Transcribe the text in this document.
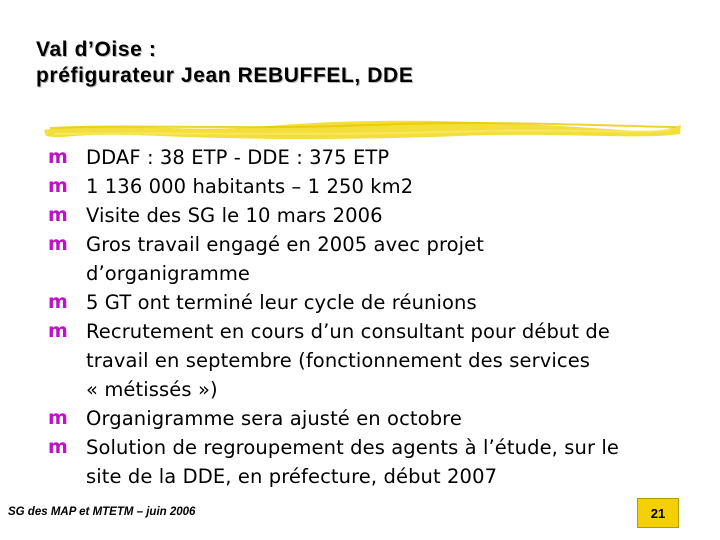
Val d’Oise :
préfigurateur Jean REBUFFEL, DDE
m DDAF : 38 ETP - DDE : 375 ETP
m 1 136 000 habitants – 1 250 km2
m Visite des SG le 10 mars 2006
m Gros travail engagé en 2005 avec projet
d’organigramme
m 5 GT ont terminé leur cycle de réunions
m Recrutement en cours d’un consultant pour début de
travail en septembre (fonctionnement des services
« métissés »)
m Organigramme sera ajusté en octobre
m Solution de regroupement des agents à l’étude, sur le
site de la DDE, en préfecture, début 2007
SG des MAP et MTETM – juin 2006	21
